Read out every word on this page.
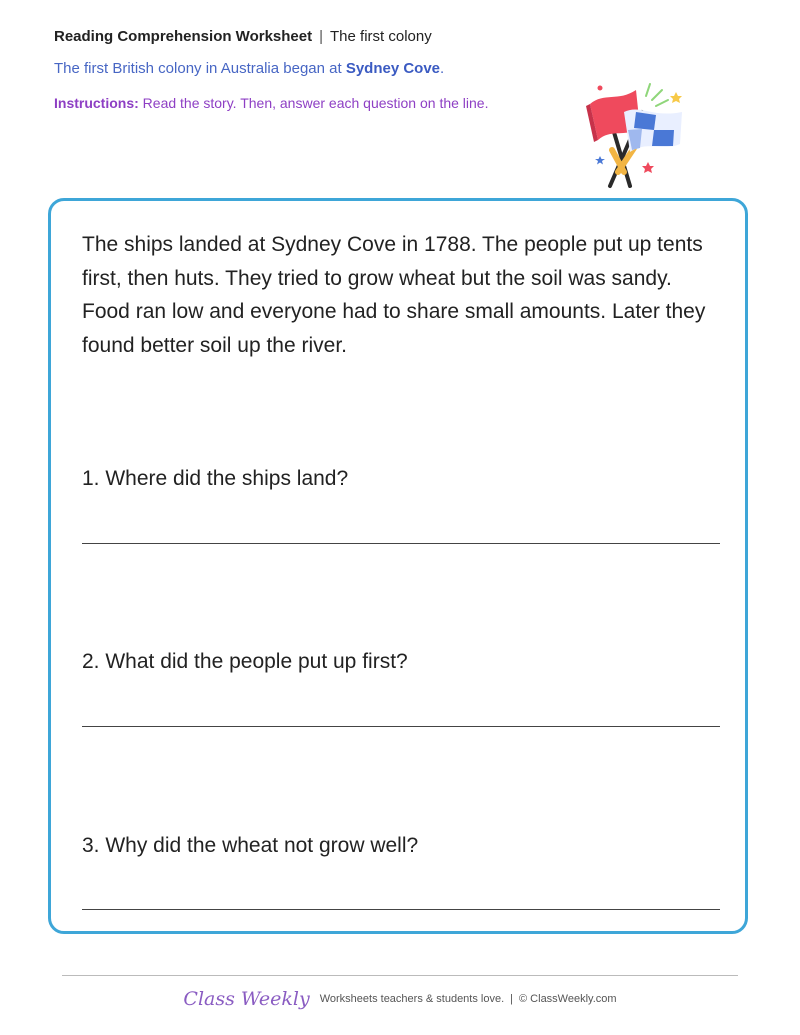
Reading Comprehension Worksheet | The first colony
The first British colony in Australia began at Sydney Cove.
Instructions: Read the story. Then, answer each question on the line.

The ships landed at Sydney Cove in 1788. The people put up tents first, then huts. They tried to grow wheat but the soil was sandy. Food ran low and everyone had to share small amounts. Later they found better soil up the river.

1. Where did the ships land?
2. What did the people put up first?
3. Why did the wheat not grow well?
Class Weekly Worksheets teachers & students love. | © ClassWeekly.com
